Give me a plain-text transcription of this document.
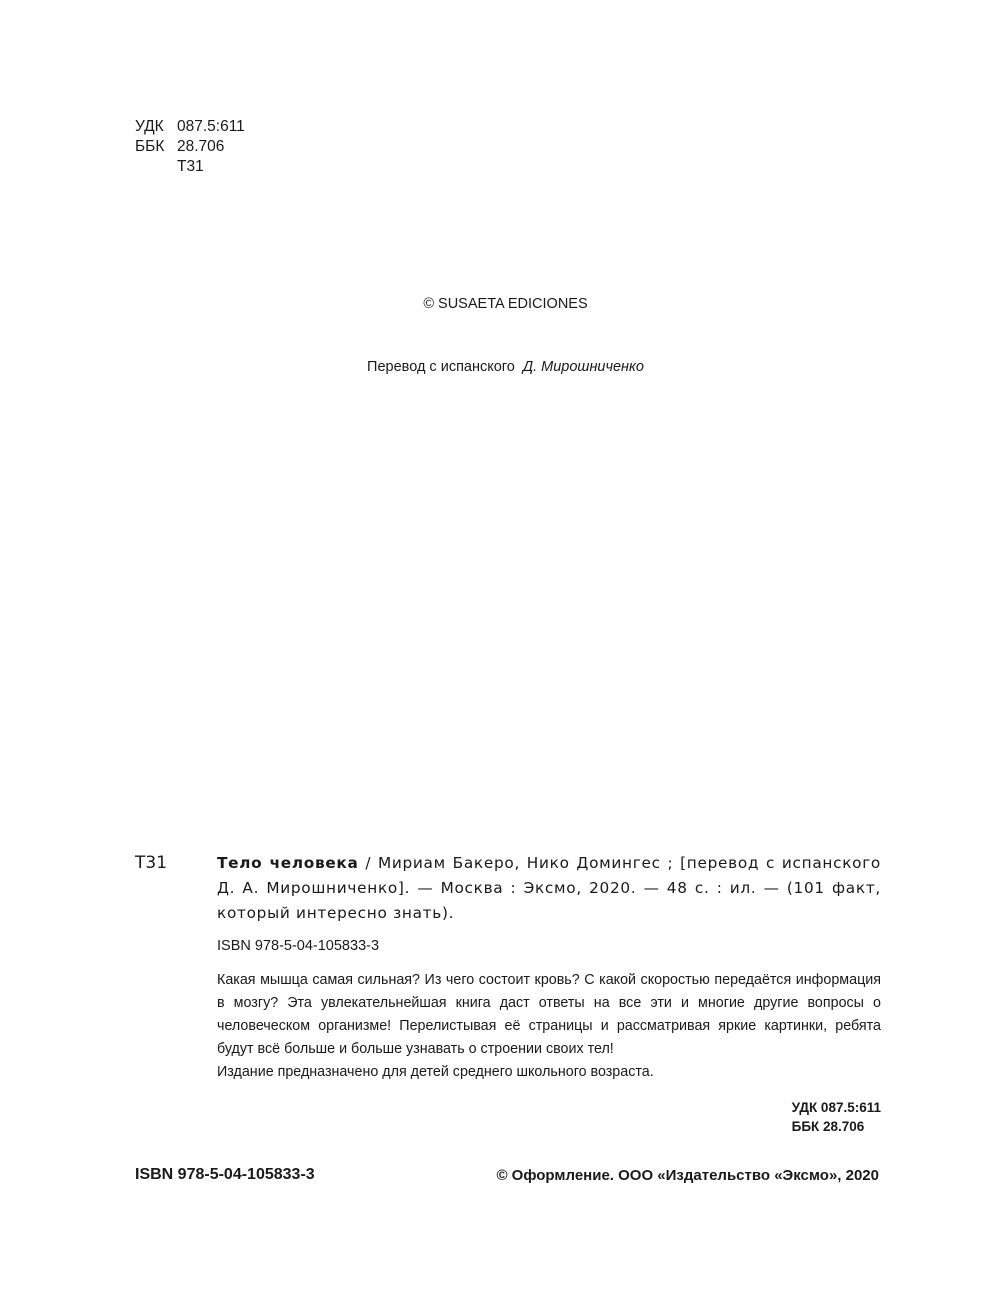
УДК 087.5:611
ББК 28.706
Т31
© SUSAETA EDICIONES
Перевод с испанского Д. Мирошниченко
Т31	Тело человека / Мириам Бакеро, Нико Домингес ; [перевод с испанского Д. А. Мирошниченко]. — Москва : Эксмо, 2020. — 48 с. : ил. — (101 факт, который интересно знать).
ISBN 978-5-04-105833-3

Какая мышца самая сильная? Из чего состоит кровь? С какой скоростью передаётся информация в мозгу? Эта увлекательнейшая книга даст ответы на все эти и многие другие вопросы о человеческом организме! Перелистывая её страницы и рассматривая яркие картинки, ребята будут всё больше и больше узнавать о строении своих тел!

Издание предназначено для детей среднего школьного возраста.

УДК 087.5:611
ББК 28.706
ISBN 978-5-04-105833-3	© Оформление. ООО «Издательство «Эксмо», 2020
